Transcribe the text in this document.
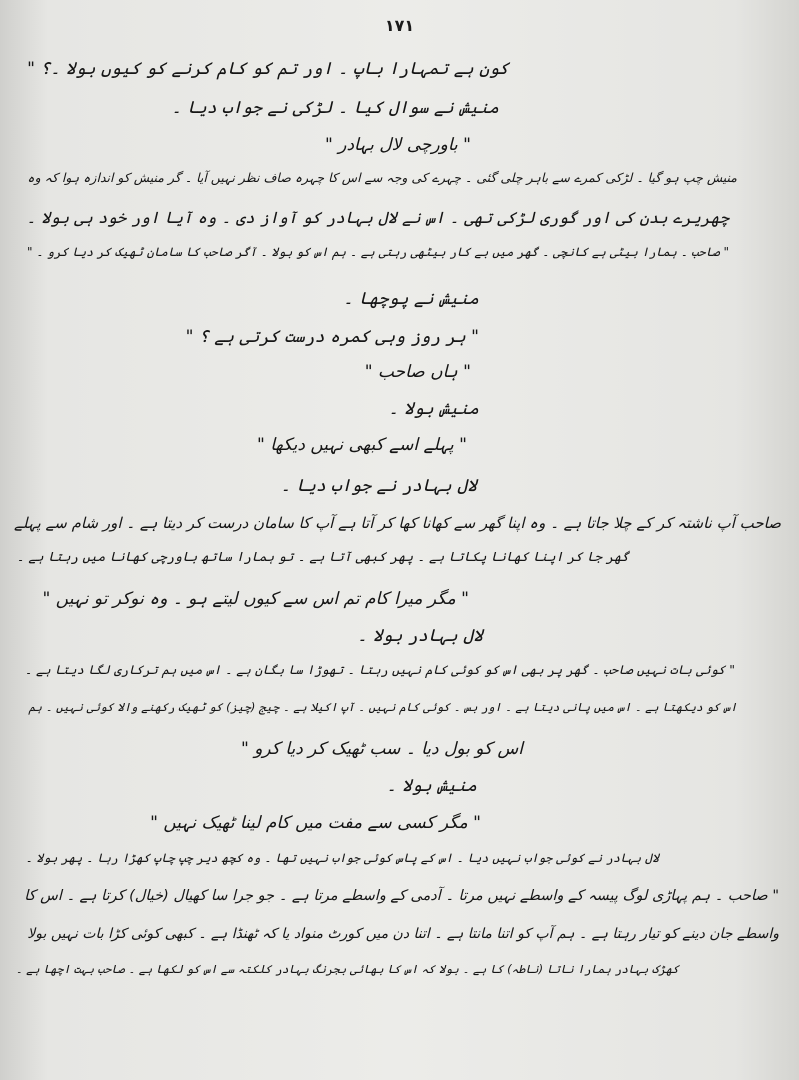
۱۷۱
کون ہے تمہارا باپ ۔ اور تم کو کام کرنے کو کیوں بولا ۔؟ "
منیش نے سوال کیا ۔ لڑکی نے جواب دیا ۔
" باورچی لال بہادر "
منیش چپ ہو گیا ۔ لڑکی کمرے سے باہر چلی گئی ۔ چہرے کی وجہ سے اس کا چہرہ صاف نظر نہیں آیا ۔ گر منیش کو اندازہ ہوا کہ وہ
چھریرے بدن کی اور گوری لڑکی تھی ۔ اس نے لال بہادر کو آواز دی ۔ وہ آیا اور خود ہی بولا ۔
" صاحب ۔ ہمارا بیٹی ہے کانچی ۔ گھر میں بے کار بیٹھی رہتی ہے ۔ ہم اس کو بولا ۔ آگر صاحب کا سامان ٹھیک کر دیا کرو ۔ "
منیش نے پوچھا ۔
" ہر روز وہی کمرہ درست کرتی ہے ؟ "
" ہاں صاحب "
منیش بولا ۔
" پہلے اسے کبھی نہیں دیکھا "
لال بہادر نے جواب دیا ۔
صاحب آپ ناشتہ کر کے چلا جاتا ہے ۔ وہ اپنا گھر سے کھانا کھا کر آتا ہے آپ کا سامان درست کر دیتا ہے ۔ اور شام سے پہلے
گھر جا کر اپنا کھانا پکاتا ہے ۔ پھر کبھی آتا ہے ۔ تو ہمارا ساتھ باورچی کھانا میں رہتا ہے ۔
" مگر میرا کام تم اس سے کیوں لیتے ہو ۔ وہ نوکر تو نہیں "
لال بہادر بولا ۔
" کوئی بات نہیں صاحب ۔ گھر پر بھی اس کو کوئی کام نہیں رہتا ۔ تھوڑا سا بگان ہے ۔ اس میں ہم ترکاری لگا دیتا ہے ۔
اس کو دیکھتا ہے ۔ اس میں پانی دیتا ہے ۔ اور بس ۔ کوئی کام نہیں ۔ آپ اکیلا ہے ۔ چیج (چیز) کو ٹھیک رکھنے والا کوئی نہیں ۔ ہم
اس کو بول دیا ۔ سب ٹھیک کر دیا کرو "
منیش بولا ۔
" مگر کسی سے مفت میں کام لینا ٹھیک نہیں "
لال بہادر نے کوئی جواب نہیں دیا ۔ اس کے پاس کوئی جواب نہیں تھا ۔ وہ کچھ دیر چپ چاپ کھڑا رہا ۔ پھر بولا ۔
" صاحب ۔ ہم پہاڑی لوگ پیسہ کے واسطے نہیں مرتا ۔ آدمی کے واسطے مرتا ہے ۔ جو جرا سا کھیال (خیال) کرتا ہے ۔ اس کا
واسطے جان دینے کو تیار رہتا ہے ۔ ہم آپ کو اتنا مانتا ہے ۔ اتنا دن میں کورٹ منواد یا کہ ٹھنڈا ہے ۔ کبھی کوئی کڑا بات نہیں بولا
کھڑک بہادر ہمارا ناتا (ناطہ) کا ہے ۔ بولا کہ اس کا بھائی بجرنگ بہادر کلکتہ سے اس کو لکھا ہے ۔ صاحب بہت اچھا ہے ۔
